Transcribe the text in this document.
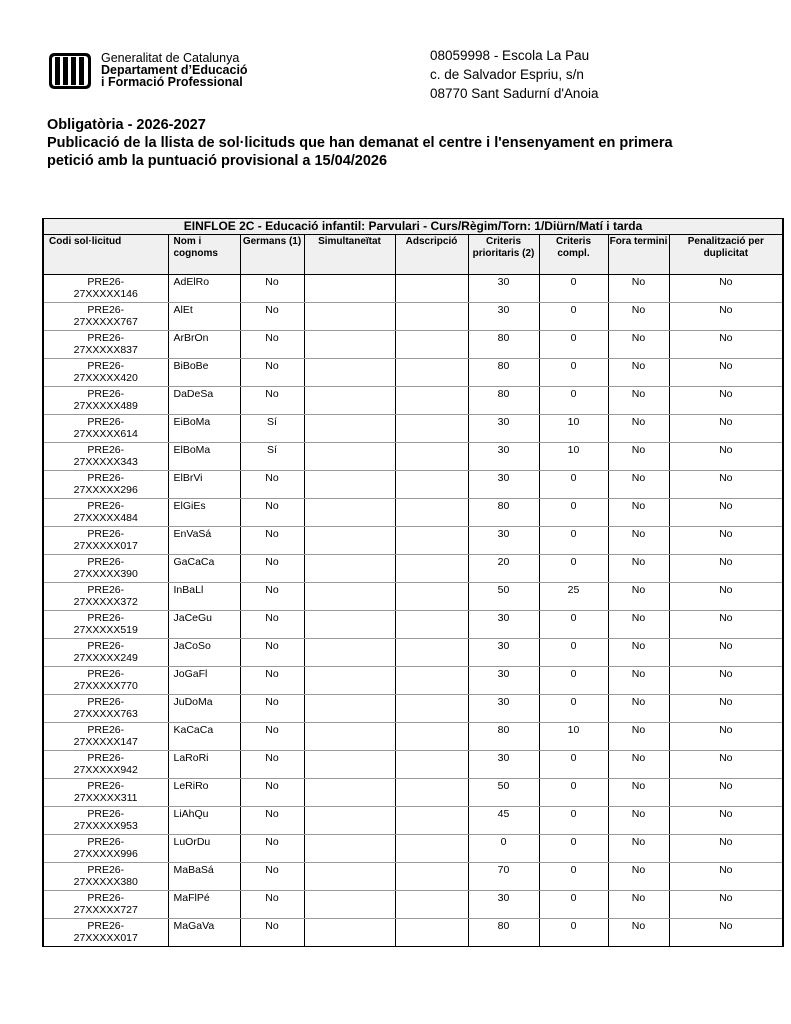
Generalitat de Catalunya
Departament d’Educació
i Formació Professional
08059998 - Escola La Pau
c. de Salvador Espriu, s/n
08770 Sant Sadurní d'Anoia
Obligatòria - 2026-2027
Publicació de la llista de sol·licituds que han demanat el centre i l'ensenyament en primera
petició amb la puntuació provisional a 15/04/2026
EINFLOE 2C - Educació infantil: Parvulari - Curs/Règim/Torn: 1/Diürn/Matí i tarda								
Codi sol·licitud	Nom i cognoms	Germans (1)	Simultaneïtat	Adscripció	Criteris prioritaris (2)	Criteris compl.	Fora termini	Penalització per duplicitat

PRE26-
27XXXXX146	AdElRo	No			30	0	No	No

PRE26-
27XXXXX767	AlEt	No			30	0	No	No

PRE26-
27XXXXX837	ArBrOn	No			80	0	No	No

PRE26-
27XXXXX420	BiBoBe	No			80	0	No	No

PRE26-
27XXXXX489	DaDeSa	No			80	0	No	No

PRE26-
27XXXXX614	EiBoMa	Sí			30	10	No	No

PRE26-
27XXXXX343	ElBoMa	Sí			30	10	No	No

PRE26-
27XXXXX296	ElBrVi	No			30	0	No	No

PRE26-
27XXXXX484	ElGiEs	No			80	0	No	No

PRE26-
27XXXXX017	EnVaSá	No			30	0	No	No

PRE26-
27XXXXX390	GaCaCa	No			20	0	No	No

PRE26-
27XXXXX372	InBaLl	No			50	25	No	No

PRE26-
27XXXXX519	JaCeGu	No			30	0	No	No

PRE26-
27XXXXX249	JaCoSo	No			30	0	No	No

PRE26-
27XXXXX770	JoGaFl	No			30	0	No	No

PRE26-
27XXXXX763	JuDoMa	No			30	0	No	No

PRE26-
27XXXXX147	KaCaCa	No			80	10	No	No

PRE26-
27XXXXX942	LaRoRi	No			30	0	No	No

PRE26-
27XXXXX311	LeRiRo	No			50	0	No	No

PRE26-
27XXXXX953	LiAhQu	No			45	0	No	No

PRE26-
27XXXXX996	LuOrDu	No			0	0	No	No

PRE26-
27XXXXX380	MaBaSá	No			70	0	No	No

PRE26-
27XXXXX727	MaFlPé	No			30	0	No	No

PRE26-
27XXXXX017	MaGaVa	No			80	0	No	No
